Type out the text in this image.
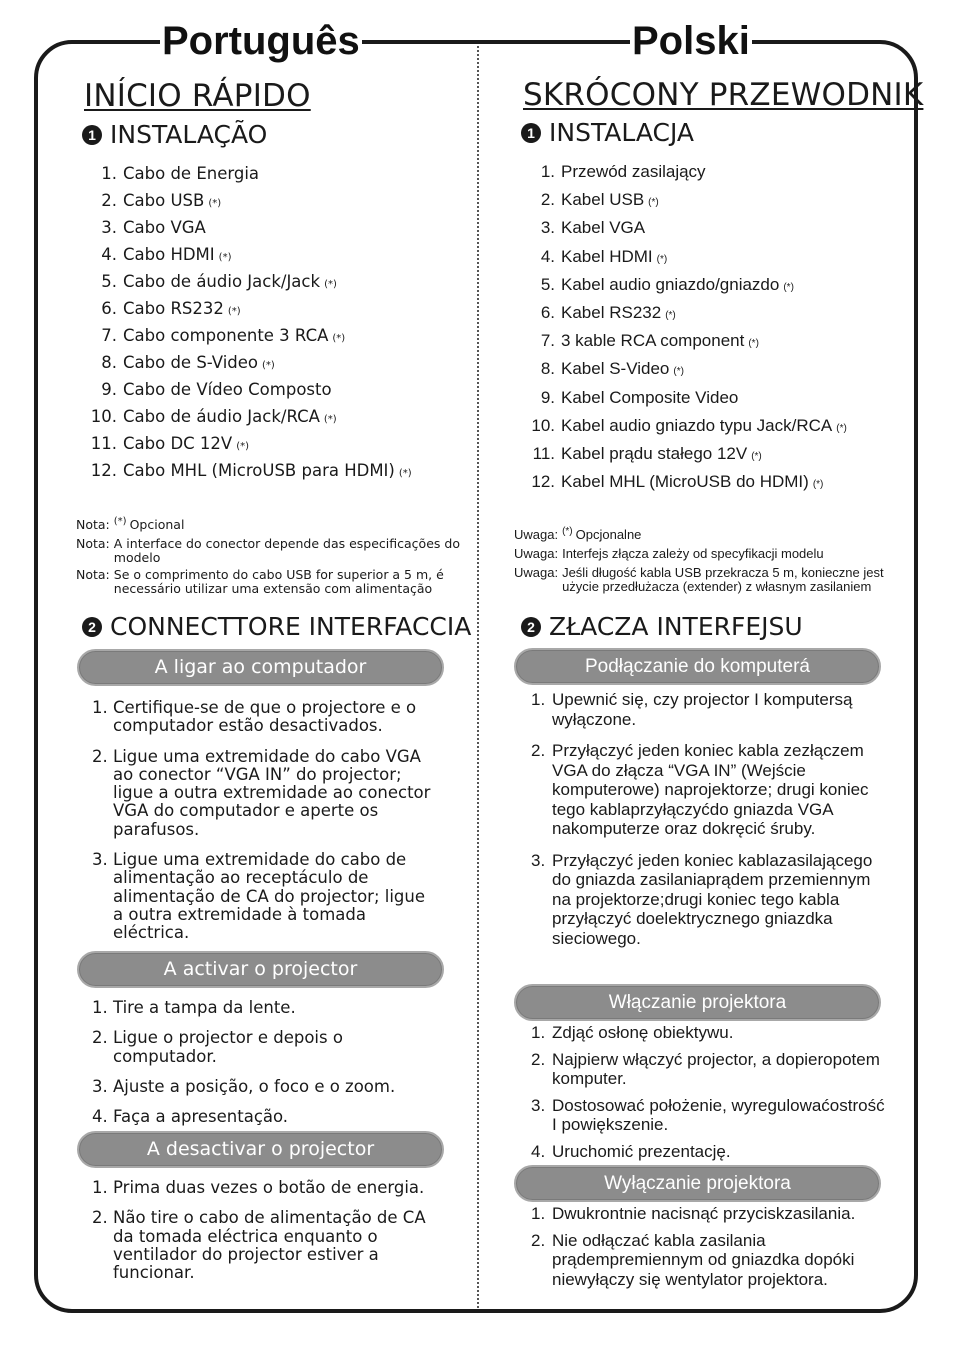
Português	Polski
INÍCIO RÁPIDO
1 INSTALAÇÃO
1. Cabo de Energia
2. Cabo USB (*)
3. Cabo VGA
4. Cabo HDMI (*)
5. Cabo de áudio Jack/Jack (*)
6. Cabo RS232 (*)
7. Cabo componente 3 RCA (*)
8. Cabo de S-Video (*)
9. Cabo de Vídeo Composto
10. Cabo de áudio Jack/RCA (*)
11. Cabo DC 12V (*)
12. Cabo MHL (MicroUSB para HDMI) (*)
Nota: (*) Opcional
Nota: A interface do conector depende das especificações do modelo
Nota: Se o comprimento do cabo USB for superior a 5 m, é necessário utilizar uma extensão com alimentação
2 CONNECTTORE INTERFACCIA
A ligar ao computador
1. Certifique-se de que o projectore e o computador estão desactivados.
2. Ligue uma extremidade do cabo VGA ao conector “VGA IN” do projector; ligue a outra extremidade ao conector VGA do computador e aperte os parafusos.
3. Ligue uma extremidade do cabo de alimentação ao receptáculo de alimentação de CA do projector; ligue a outra extremidade à tomada eléctrica.
A activar o projector
1. Tire a tampa da lente.
2. Ligue o projector e depois o computador.
3. Ajuste a posição, o foco e o zoom.
4. Faça a apresentação.
A desactivar o projector
1. Prima duas vezes o botão de energia.
2. Não tire o cabo de alimentação de CA da tomada eléctrica enquanto o ventilador do projector estiver a funcionar.
SKRÓCONY PRZEWODNIK
1 INSTALACJA
1. Przewód zasilający
2. Kabel USB (*)
3. Kabel VGA
4. Kabel HDMI (*)
5. Kabel audio gniazdo/gniazdo (*)
6. Kabel RS232 (*)
7. 3 kable RCA component (*)
8. Kabel S-Video (*)
9. Kabel Composite Video
10. Kabel audio gniazdo typu Jack/RCA (*)
11. Kabel prądu stałego 12V (*)
12. Kabel MHL (MicroUSB do HDMI) (*)
Uwaga: (*) Opcjonalne
Uwaga: Interfejs złącza zależy od specyfikacji modelu
Uwaga: Jeśli długość kabla USB przekracza 5 m, konieczne jest użycie przedłużacza (extender) z własnym zasilaniem
2 ZŁACZA INTERFEJSU
Podłączanie do komputerá
1. Upewnić się, czy projector I komputersą wyłączone.
2. Przyłączyć jeden koniec kabla zezłączem VGA do złącza “VGA IN” (Wejście komputerowe) naprojektorze; drugi koniec tego kablaprzyłączyćdo gniazda VGA nakomputerze oraz dokręcić śruby.
3. Przyłączyć jeden koniec kablazasilającego do gniazda zasilaniaprądem przemiennym na projektorze;drugi koniec tego kabla przyłączyć doelektrycznego gniazdka sieciowego.
Włączanie projektora
1. Zdjąć osłonę obiektywu.
2. Najpierw włączyć projector, a dopieropotem komputer.
3. Dostosować położenie, wyregulowaćostrość I powiększenie.
4. Uruchomić prezentację.
Wyłączanie projektora
1. Dwukrontnie nacisnąć przyciskzasilania.
2. Nie odłączać kabla zasilania prądempremiennym od gniazdka dopóki niewyłączy się wentylator projektora.
